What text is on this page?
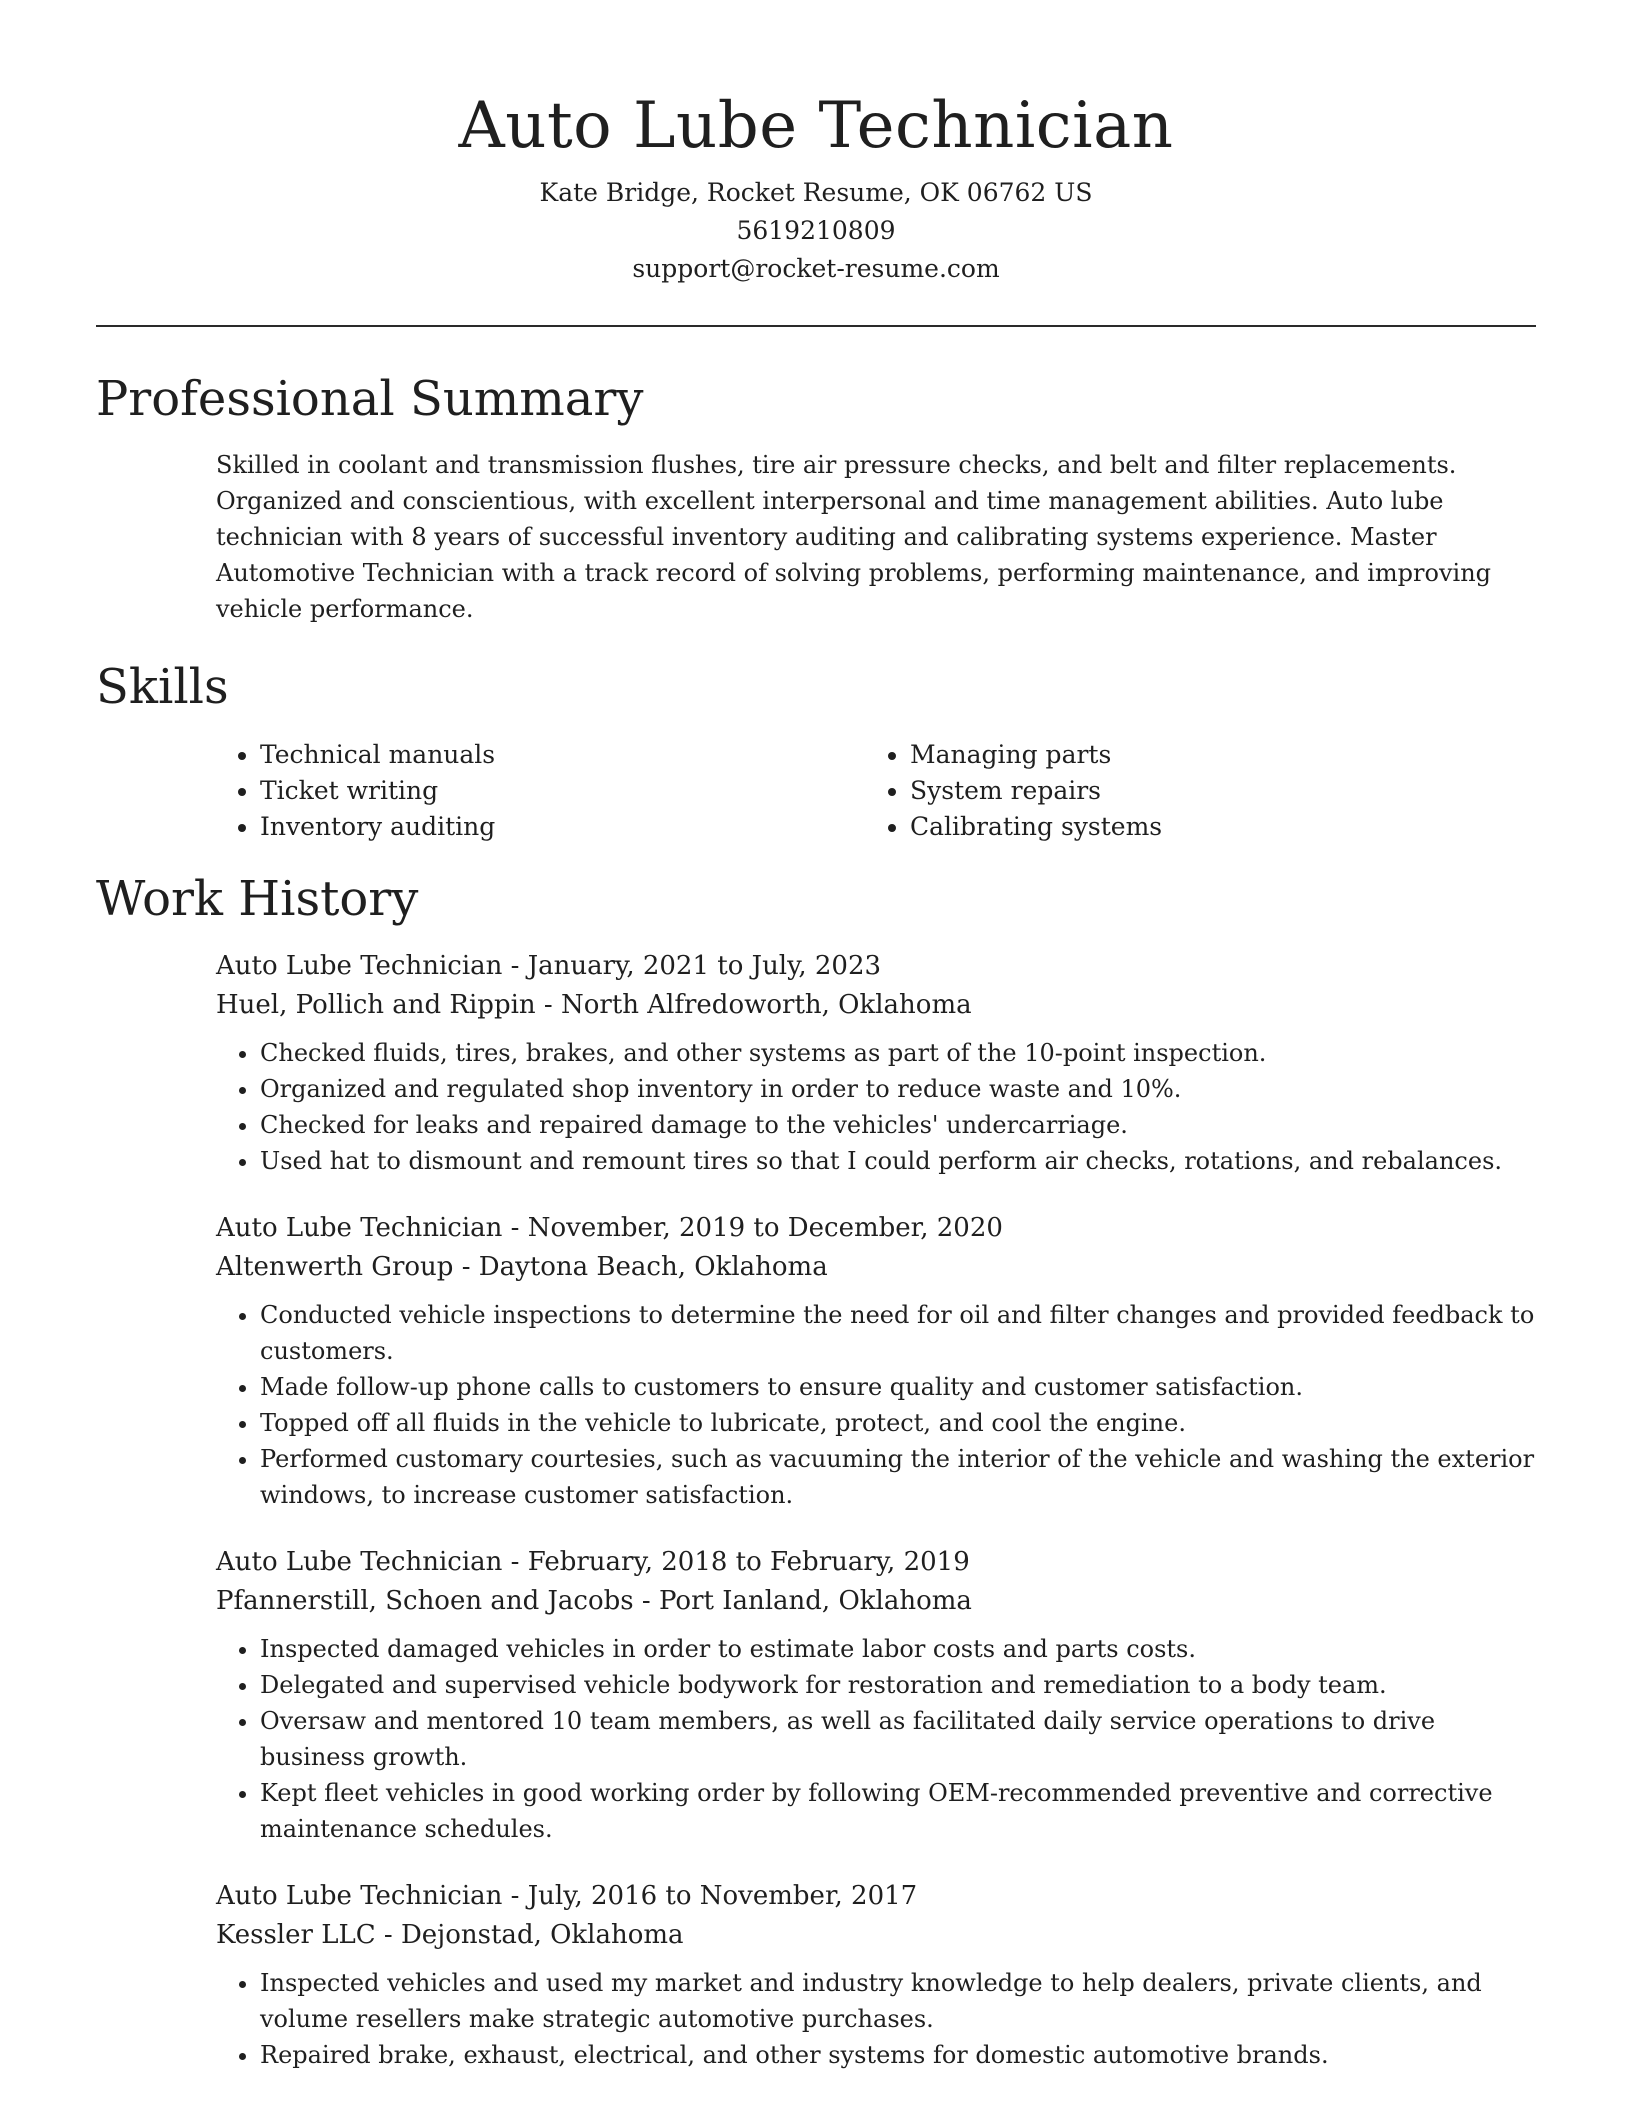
Auto Lube Technician
Kate Bridge, Rocket Resume, OK 06762 US
5619210809
support@rocket-resume.com
Professional Summary

Skilled in coolant and transmission flushes, tire air pressure checks, and belt and filter replacements. Organized and conscientious, with excellent interpersonal and time management abilities. Auto lube technician with 8 years of successful inventory auditing and calibrating systems experience. Master Automotive Technician with a track record of solving problems, performing maintenance, and improving vehicle performance.

Skills
• Technical manuals
• Ticket writing
• Inventory auditing
• Managing parts
• System repairs
• Calibrating systems
Work History
Auto Lube Technician - January, 2021 to July, 2023
Huel, Pollich and Rippin - North Alfredoworth, Oklahoma
• Checked fluids, tires, brakes, and other systems as part of the 10-point inspection.
• Organized and regulated shop inventory in order to reduce waste and 10%.
• Checked for leaks and repaired damage to the vehicles' undercarriage.
• Used hat to dismount and remount tires so that I could perform air checks, rotations, and rebalances.
Auto Lube Technician - November, 2019 to December, 2020
Altenwerth Group - Daytona Beach, Oklahoma
• Conducted vehicle inspections to determine the need for oil and filter changes and provided feedback to customers.
• Made follow-up phone calls to customers to ensure quality and customer satisfaction.
• Topped off all fluids in the vehicle to lubricate, protect, and cool the engine.
• Performed customary courtesies, such as vacuuming the interior of the vehicle and washing the exterior windows, to increase customer satisfaction.
Auto Lube Technician - February, 2018 to February, 2019
Pfannerstill, Schoen and Jacobs - Port Ianland, Oklahoma
• Inspected damaged vehicles in order to estimate labor costs and parts costs.
• Delegated and supervised vehicle bodywork for restoration and remediation to a body team.
• Oversaw and mentored 10 team members, as well as facilitated daily service operations to drive business growth.
• Kept fleet vehicles in good working order by following OEM-recommended preventive and corrective maintenance schedules.
Auto Lube Technician - July, 2016 to November, 2017
Kessler LLC - Dejonstad, Oklahoma
• Inspected vehicles and used my market and industry knowledge to help dealers, private clients, and volume resellers make strategic automotive purchases.
• Repaired brake, exhaust, electrical, and other systems for domestic automotive brands.
